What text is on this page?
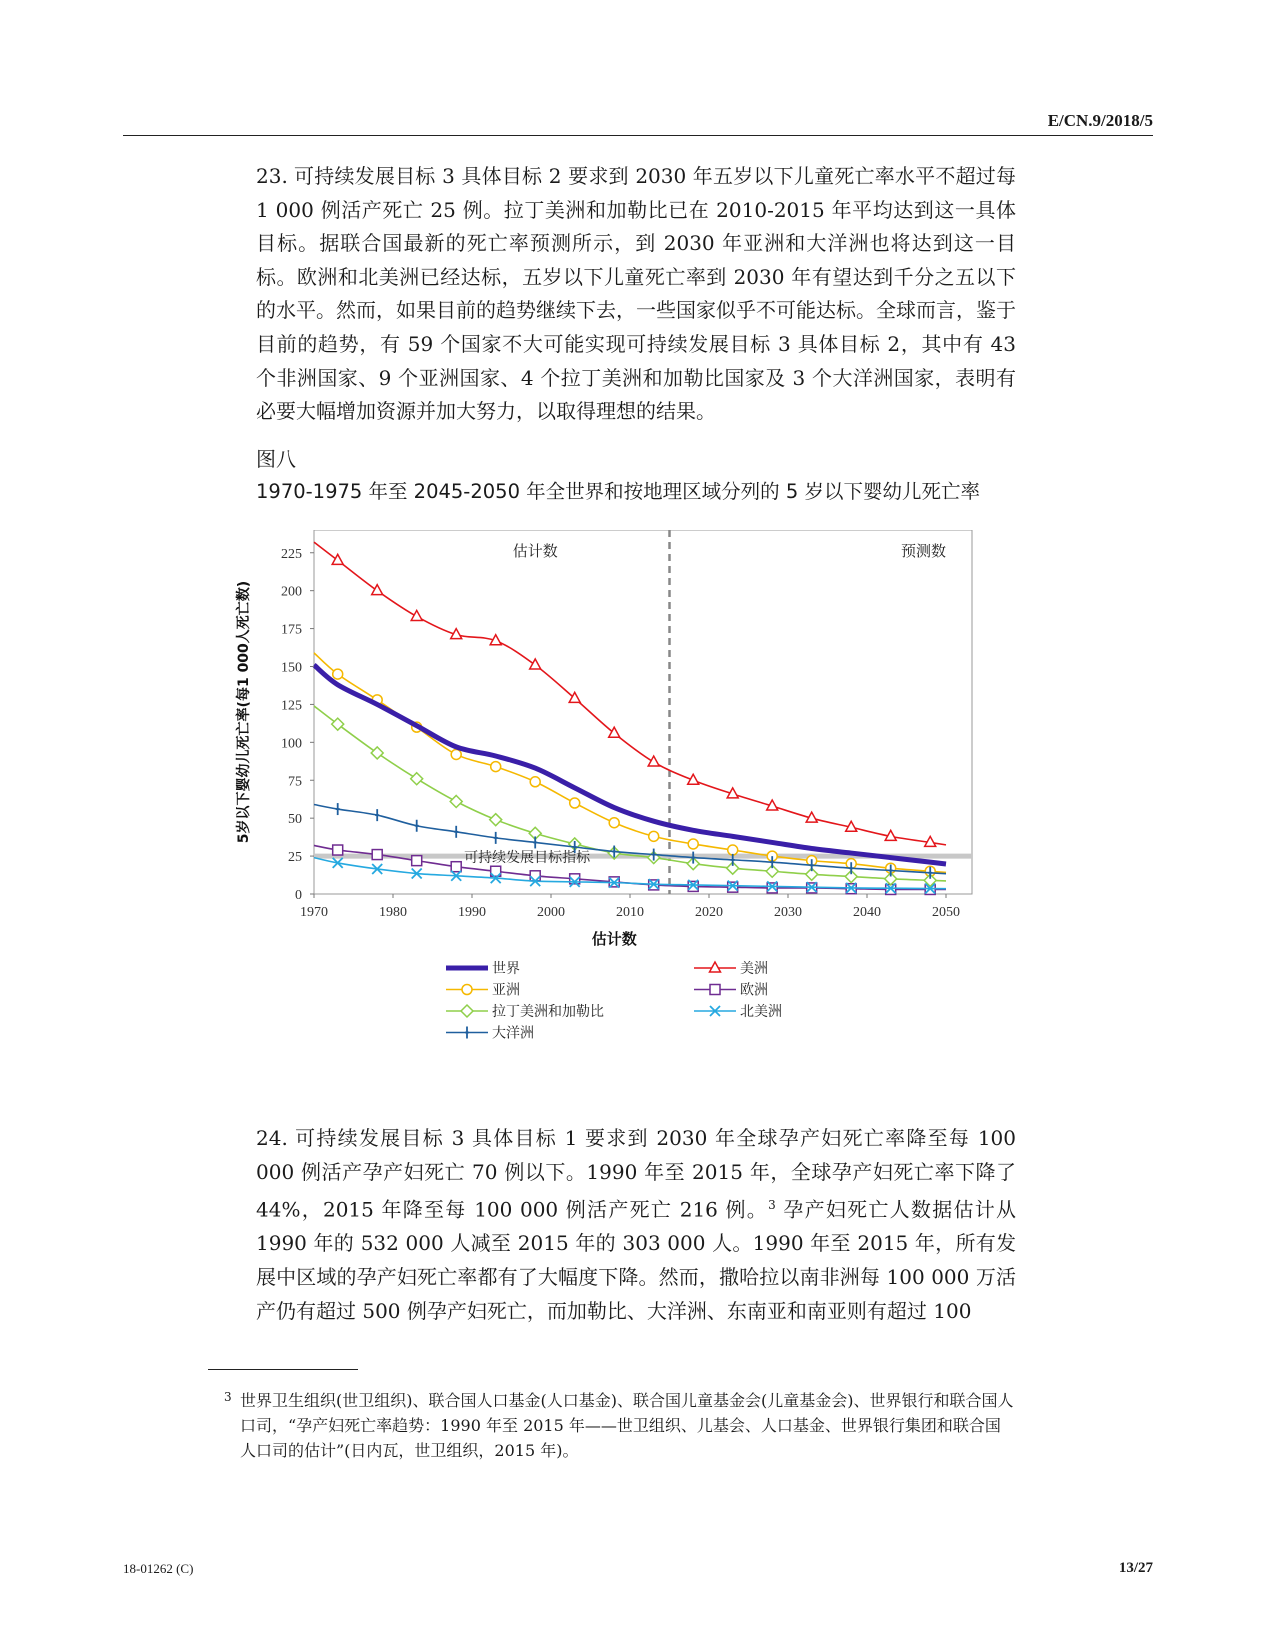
E/CN.9/2018/5
23. 可持续发展目标 3 具体目标 2 要求到 2030 年五岁以下儿童死亡率水平不超过每 1 000 例活产死亡 25 例。拉丁美洲和加勒比已在 2010-2015 年平均达到这一具体目标。据联合国最新的死亡率预测所示，到 2030 年亚洲和大洋洲也将达到这一目标。欧洲和北美洲已经达标，五岁以下儿童死亡率到 2030 年有望达到千分之五以下的水平。然而，如果目前的趋势继续下去，一些国家似乎不可能达标。全球而言，鉴于目前的趋势，有 59 个国家不大可能实现可持续发展目标 3 具体目标 2，其中有 43 个非洲国家、9 个亚洲国家、4 个拉丁美洲和加勒比国家及 3 个大洋洲国家，表明有必要大幅增加资源并加大努力，以取得理想的结果。
图八
1970-1975 年至 2045-2050 年全世界和按地理区域分列的 5 岁以下婴幼儿死亡率
估计数	预测数
可持续发展目标指标
1970	1980	1990	2000	2010	2020	2030	2040	2050
0
25
50
75
100
125
150
175
200
225
5岁以下婴幼儿死亡率(每1 000人死亡数)
估计数
世界	美洲
亚洲	欧洲
拉丁美洲和加勒比	北美洲
大洋洲
24. 可持续发展目标 3 具体目标 1 要求到 2030 年全球孕产妇死亡率降至每 100 000 例活产孕产妇死亡 70 例以下。1990 年至 2015 年，全球孕产妇死亡率下降了 44%，2015 年降至每 100 000 例活产死亡 216 例。$^3$ 孕产妇死亡人数据估计从 1990 年的 532 000 人减至 2015 年的 303 000 人。1990 年至 2015 年，所有发展中区域的孕产妇死亡率都有了大幅度下降。然而，撒哈拉以南非洲每 100 000 万活产仍有超过 500 例孕产妇死亡，而加勒比、大洋洲、东南亚和南亚则有超过 100
3 世界卫生组织(世卫组织)、联合国人口基金(人口基金)、联合国儿童基金会(儿童基金会)、世界银行和联合国人口司，“孕产妇死亡率趋势：1990 年至 2015 年——世卫组织、儿基会、人口基金、世界银行集团和联合国人口司的估计”(日内瓦，世卫组织，2015 年)。
18-01262 (C)	13/27
